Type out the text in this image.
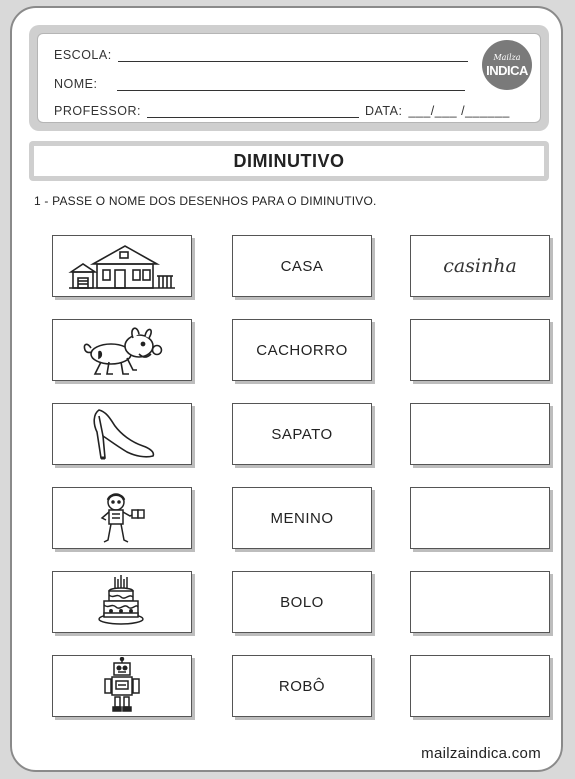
ESCOLA:
NOME:
PROFESSOR:	DATA: ___/___ /______
Mailza
INDICA
DIMINUTIVO
1 - PASSE O NOME DOS DESENHOS PARA O DIMINUTIVO.
CASA	casinha
CACHORRO
SAPATO
MENINO
BOLO
ROBÔ
mailzaindica.com
